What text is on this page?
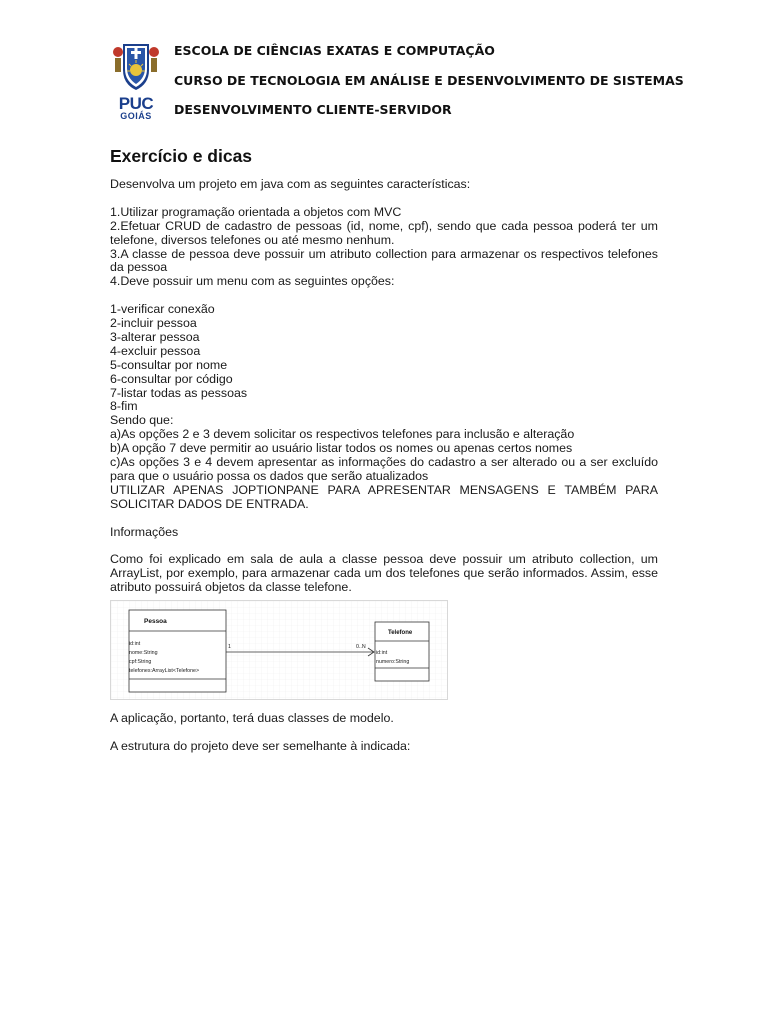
PUC
GOIÁS
ESCOLA DE CIÊNCIAS EXATAS E COMPUTAÇÃO
CURSO DE TECNOLOGIA EM ANÁLISE E DESENVOLVIMENTO DE SISTEMAS
DESENVOLVIMENTO CLIENTE-SERVIDOR
Exercício e dicas

Desenvolva um projeto em java com as seguintes características:

1.Utilizar programação orientada a objetos com MVC

2.Efetuar CRUD de cadastro de pessoas (id, nome, cpf), sendo que cada pessoa poderá ter um telefone, diversos telefones ou até mesmo nenhum.

3.A classe de pessoa deve possuir um atributo collection para armazenar os respectivos telefones da pessoa

4.Deve possuir um menu com as seguintes opções:

1-verificar conexão

2-incluir pessoa

3-alterar pessoa

4-excluir pessoa

5-consultar por nome

6-consultar por código

7-listar todas as pessoas

8-fim

Sendo que:

a)As opções 2 e 3 devem solicitar os respectivos telefones para inclusão e alteração

b)A opção 7 deve permitir ao usuário listar todos os nomes ou apenas certos nomes

c)As opções 3 e 4 devem apresentar as informações do cadastro a ser alterado ou a ser excluído para que o usuário possa os dados que serão atualizados

UTILIZAR APENAS JOPTIONPANE PARA APRESENTAR MENSAGENS E TAMBÉM PARA SOLICITAR DADOS DE ENTRADA.

Informações

Como foi explicado em sala de aula a classe pessoa deve possuir um atributo collection, um ArrayList, por exemplo, para armazenar cada um dos telefones que serão informados. Assim, esse atributo possuirá objetos da classe telefone.

Pessoa
id:int
nome:String
cpf:String
telefones:ArrayList<Telefone>
1	0..N
Telefone
id:int
numero:String
A aplicação, portanto, terá duas classes de modelo.
A estrutura do projeto deve ser semelhante à indicada:
